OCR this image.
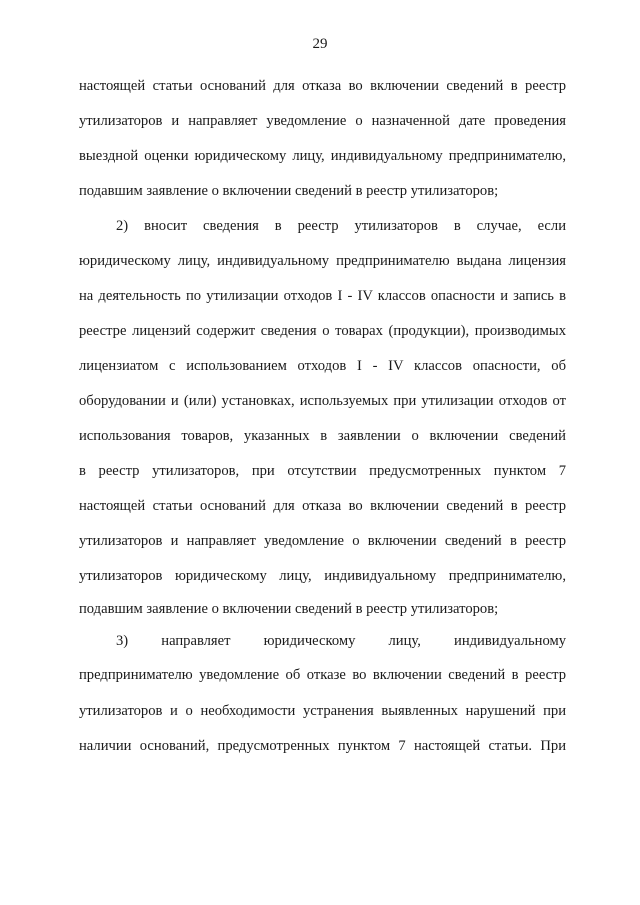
29
настоящей статьи оснований для отказа во включении сведений в реестр
утилизаторов и направляет уведомление о назначенной дате проведения
выездной оценки юридическому лицу, индивидуальному предпринимателю,
подавшим заявление о включении сведений в реестр утилизаторов;
2) вносит сведения в реестр утилизаторов в случае, если
юридическому лицу, индивидуальному предпринимателю выдана лицензия
на деятельность по утилизации отходов I - IV классов опасности и запись в
реестре лицензий содержит сведения о товарах (продукции), производимых
лицензиатом с использованием отходов I - IV классов опасности, об
оборудовании и (или) установках, используемых при утилизации отходов от
использования товаров, указанных в заявлении о включении сведений
в реестр утилизаторов, при отсутствии предусмотренных пунктом 7
настоящей статьи оснований для отказа во включении сведений в реестр
утилизаторов и направляет уведомление о включении сведений в реестр
утилизаторов юридическому лицу, индивидуальному предпринимателю,
подавшим заявление о включении сведений в реестр утилизаторов;
3) направляет юридическому лицу, индивидуальному
предпринимателю уведомление об отказе во включении сведений в реестр
утилизаторов и о необходимости устранения выявленных нарушений при
наличии оснований, предусмотренных пунктом 7 настоящей статьи. При
